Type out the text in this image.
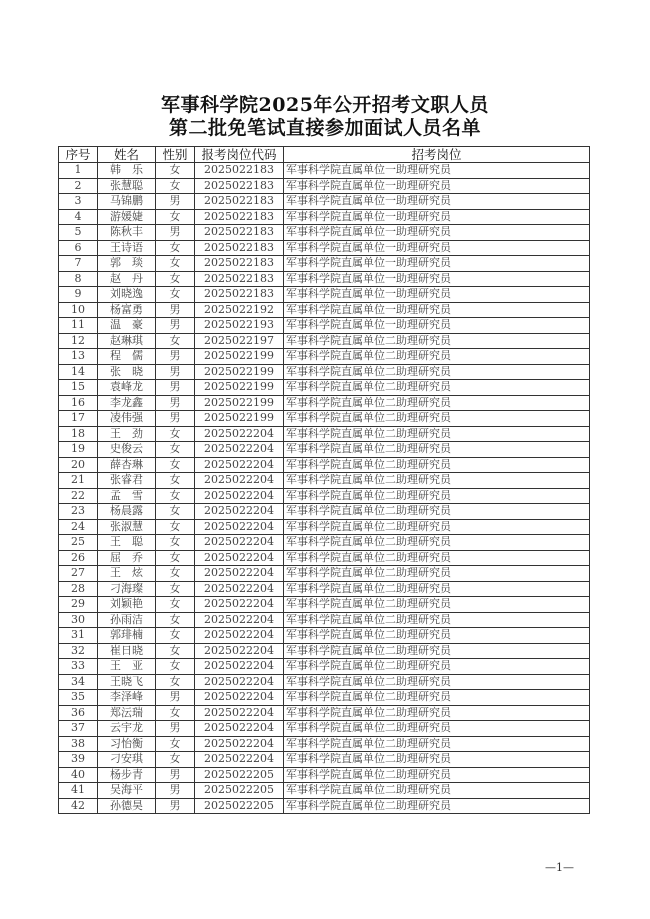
军事科学院2025年公开招考文职人员
第二批免笔试直接参加面试人员名单
序号	姓名	性别	报考岗位代码	招考岗位
1	韩　乐	女	2025022183	军事科学院直属单位一助理研究员
2	张慧聪	女	2025022183	军事科学院直属单位一助理研究员
3	马锦鹏	男	2025022183	军事科学院直属单位一助理研究员
4	游媛婕	女	2025022183	军事科学院直属单位一助理研究员
5	陈秋丰	男	2025022183	军事科学院直属单位一助理研究员
6	王诗语	女	2025022183	军事科学院直属单位一助理研究员
7	郭　琰	女	2025022183	军事科学院直属单位一助理研究员
8	赵　丹	女	2025022183	军事科学院直属单位一助理研究员
9	刘晓逸	女	2025022183	军事科学院直属单位一助理研究员
10	杨富勇	男	2025022192	军事科学院直属单位一助理研究员
11	温　豪	男	2025022193	军事科学院直属单位一助理研究员
12	赵琳琪	女	2025022197	军事科学院直属单位二助理研究员
13	程　儒	男	2025022199	军事科学院直属单位二助理研究员
14	张　晓	男	2025022199	军事科学院直属单位二助理研究员
15	袁峰龙	男	2025022199	军事科学院直属单位二助理研究员
16	李龙鑫	男	2025022199	军事科学院直属单位二助理研究员
17	凌伟强	男	2025022199	军事科学院直属单位二助理研究员
18	王　劲	女	2025022204	军事科学院直属单位二助理研究员
19	史俊云	女	2025022204	军事科学院直属单位二助理研究员
20	薛杏琳	女	2025022204	军事科学院直属单位二助理研究员
21	张睿君	女	2025022204	军事科学院直属单位二助理研究员
22	孟　雪	女	2025022204	军事科学院直属单位二助理研究员
23	杨晨露	女	2025022204	军事科学院直属单位二助理研究员
24	张淑慧	女	2025022204	军事科学院直属单位二助理研究员
25	王　聪	女	2025022204	军事科学院直属单位二助理研究员
26	屈　乔	女	2025022204	军事科学院直属单位二助理研究员
27	王　炫	女	2025022204	军事科学院直属单位二助理研究员
28	刁海璨	女	2025022204	军事科学院直属单位二助理研究员
29	刘颖艳	女	2025022204	军事科学院直属单位二助理研究员
30	孙雨洁	女	2025022204	军事科学院直属单位二助理研究员
31	郭琲楠	女	2025022204	军事科学院直属单位二助理研究员
32	崔日晓	女	2025022204	军事科学院直属单位二助理研究员
33	王　亚	女	2025022204	军事科学院直属单位二助理研究员
34	王晓飞	女	2025022204	军事科学院直属单位二助理研究员
35	李泽峰	男	2025022204	军事科学院直属单位二助理研究员
36	郑沄瑞	女	2025022204	军事科学院直属单位二助理研究员
37	云宇龙	男	2025022204	军事科学院直属单位二助理研究员
38	习怡衡	女	2025022204	军事科学院直属单位二助理研究员
39	刁安琪	女	2025022204	军事科学院直属单位二助理研究员
40	杨步青	男	2025022205	军事科学院直属单位二助理研究员
41	吴海平	男	2025022205	军事科学院直属单位二助理研究员
42	孙德昊	男	2025022205	军事科学院直属单位二助理研究员
—1—
